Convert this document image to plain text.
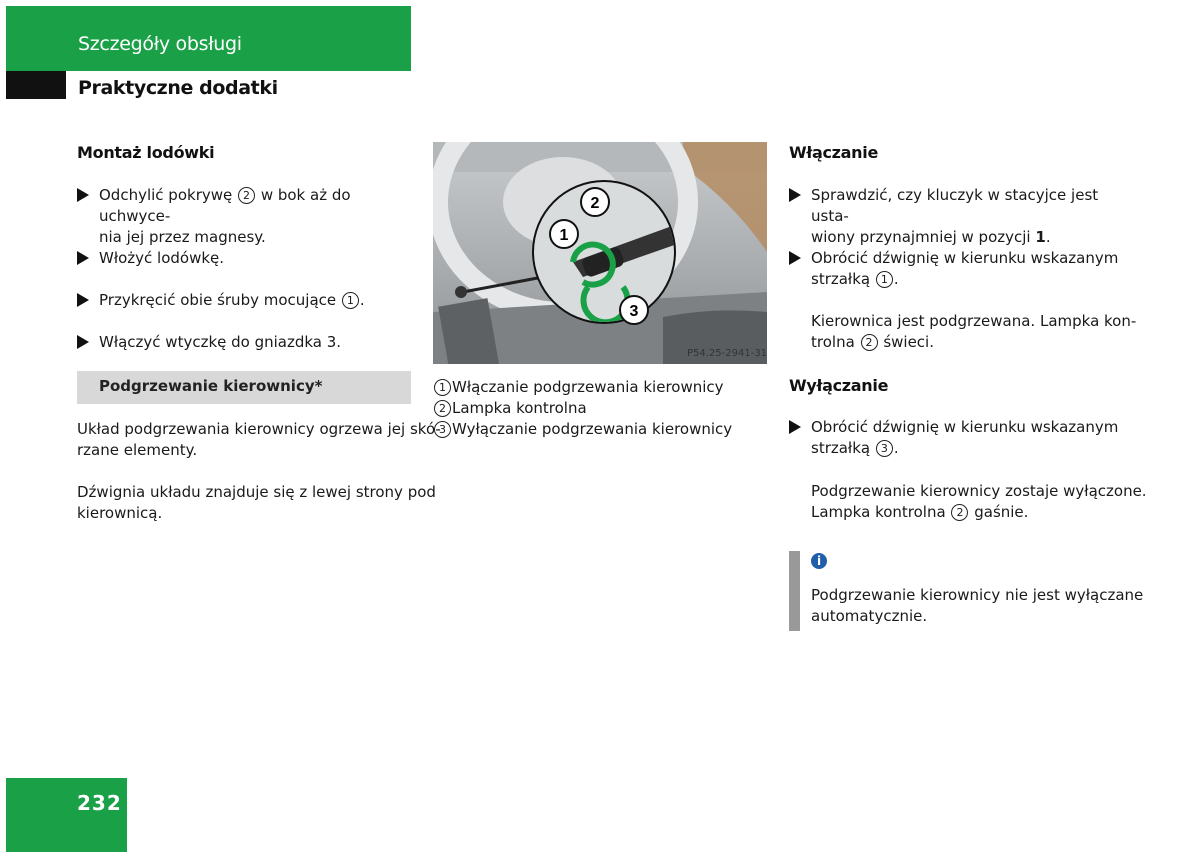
Szczegóły obsługi
Praktyczne dodatki
Montaż lodówki
Odchylić pokrywę 2 w bok aż do uchwyce-
nia jej przez magnesy.
Włożyć lodówkę.
Przykręcić obie śruby mocujące 1 .
Włączyć wtyczkę do gniazdka 3.
Podgrzewanie kierownicy*
Układ podgrzewania kierownicy ogrzewa jej skó-
rzane elementy.
Dźwignia układu znajduje się z lewej strony pod
kierownicą.
1
2
3
P54.25-2941-31
1 Włączanie podgrzewania kierownicy
2 Lampka kontrolna
3 Wyłączanie podgrzewania kierownicy
Włączanie
Sprawdzić, czy kluczyk w stacyjce jest usta-
wiony przynajmniej w pozycji 1.
Obrócić dźwignię w kierunku wskazanym
strzałką 1 .
Kierownica jest podgrzewana. Lampka kon-
trolna 2 świeci.
Wyłączanie
Obrócić dźwignię w kierunku wskazanym
strzałką 3 .
Podgrzewanie kierownicy zostaje wyłączone.
Lampka kontrolna 2 gaśnie.
i
Podgrzewanie kierownicy nie jest wyłączane
automatycznie.
232
